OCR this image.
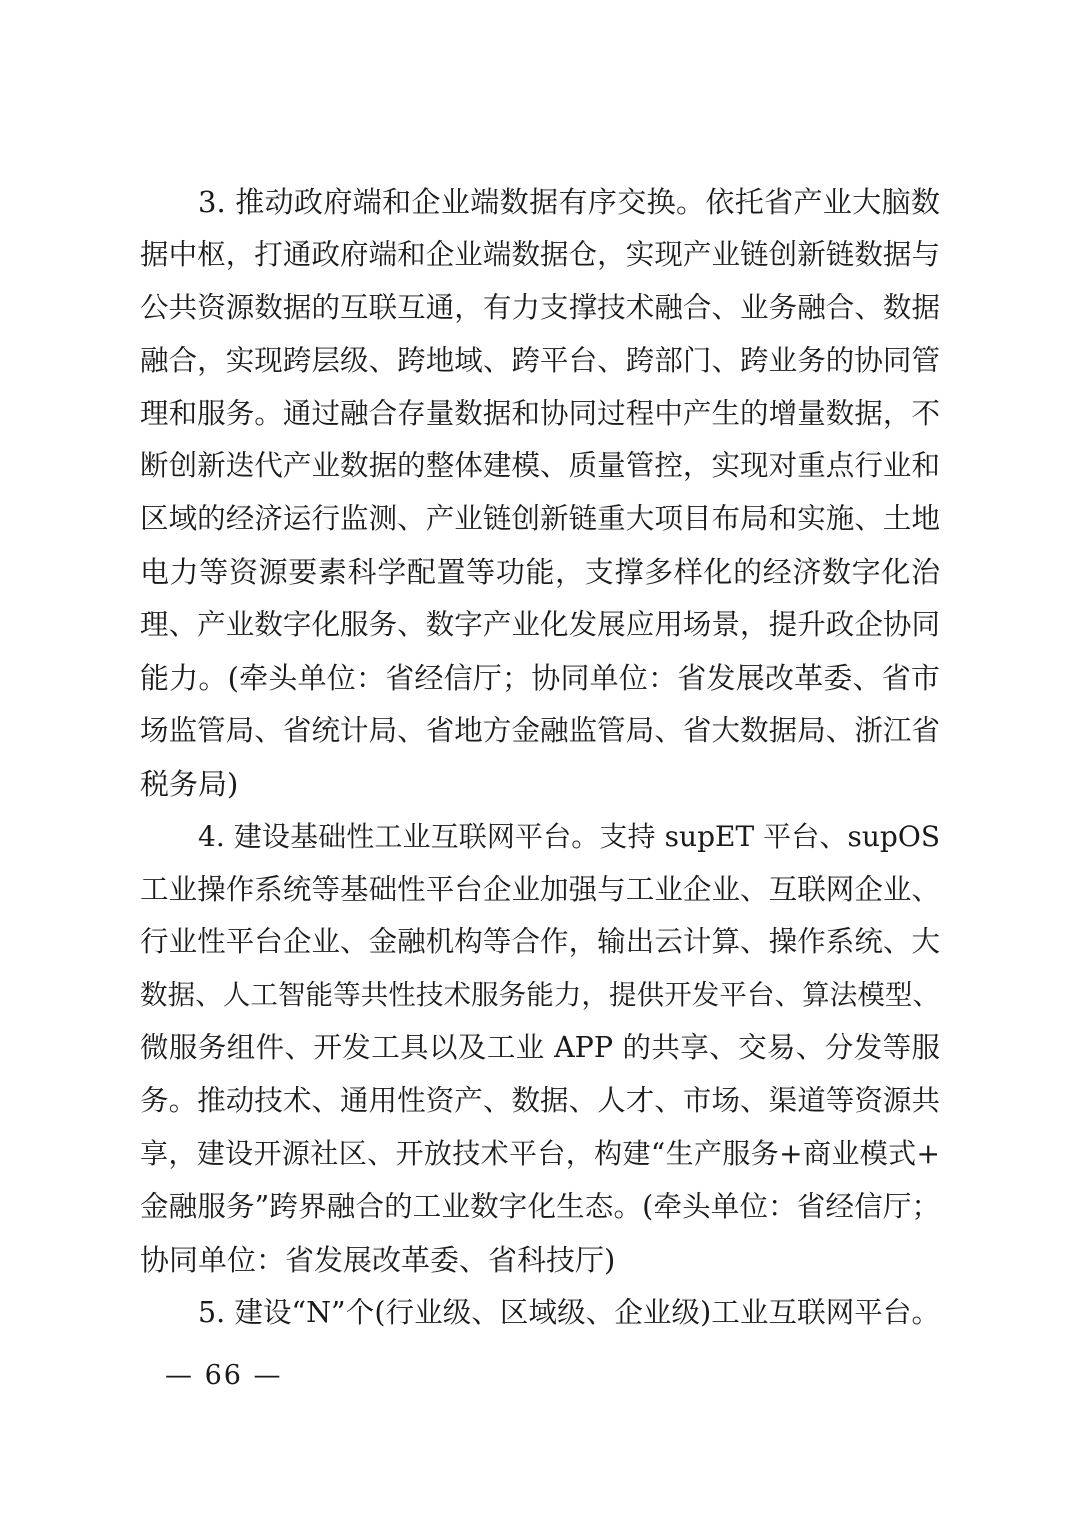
3. 推动政府端和企业端数据有序交换。依托省产业大脑数
据中枢，打通政府端和企业端数据仓，实现产业链创新链数据与
公共资源数据的互联互通，有力支撑技术融合、业务融合、数据
融合，实现跨层级、跨地域、跨平台、跨部门、跨业务的协同管
理和服务。通过融合存量数据和协同过程中产生的增量数据，不
断创新迭代产业数据的整体建模、质量管控，实现对重点行业和
区域的经济运行监测、产业链创新链重大项目布局和实施、土地
电力等资源要素科学配置等功能，支撑多样化的经济数字化治
理、产业数字化服务、数字产业化发展应用场景，提升政企协同
能力。(牵头单位：省经信厅；协同单位：省发展改革委、省市
场监管局、省统计局、省地方金融监管局、省大数据局、浙江省
税务局)
4. 建设基础性工业互联网平台。支持 supET 平台、supOS
工业操作系统等基础性平台企业加强与工业企业、互联网企业、
行业性平台企业、金融机构等合作，输出云计算、操作系统、大
数据、人工智能等共性技术服务能力，提供开发平台、算法模型、
微服务组件、开发工具以及工业 APP 的共享、交易、分发等服
务。推动技术、通用性资产、数据、人才、市场、渠道等资源共
享，建设开源社区、开放技术平台，构建“生产服务+商业模式+
金融服务”跨界融合的工业数字化生态。(牵头单位：省经信厅；
协同单位：省发展改革委、省科技厅)
5. 建设“N”个(行业级、区域级、企业级)工业互联网平台。
— 66 —
